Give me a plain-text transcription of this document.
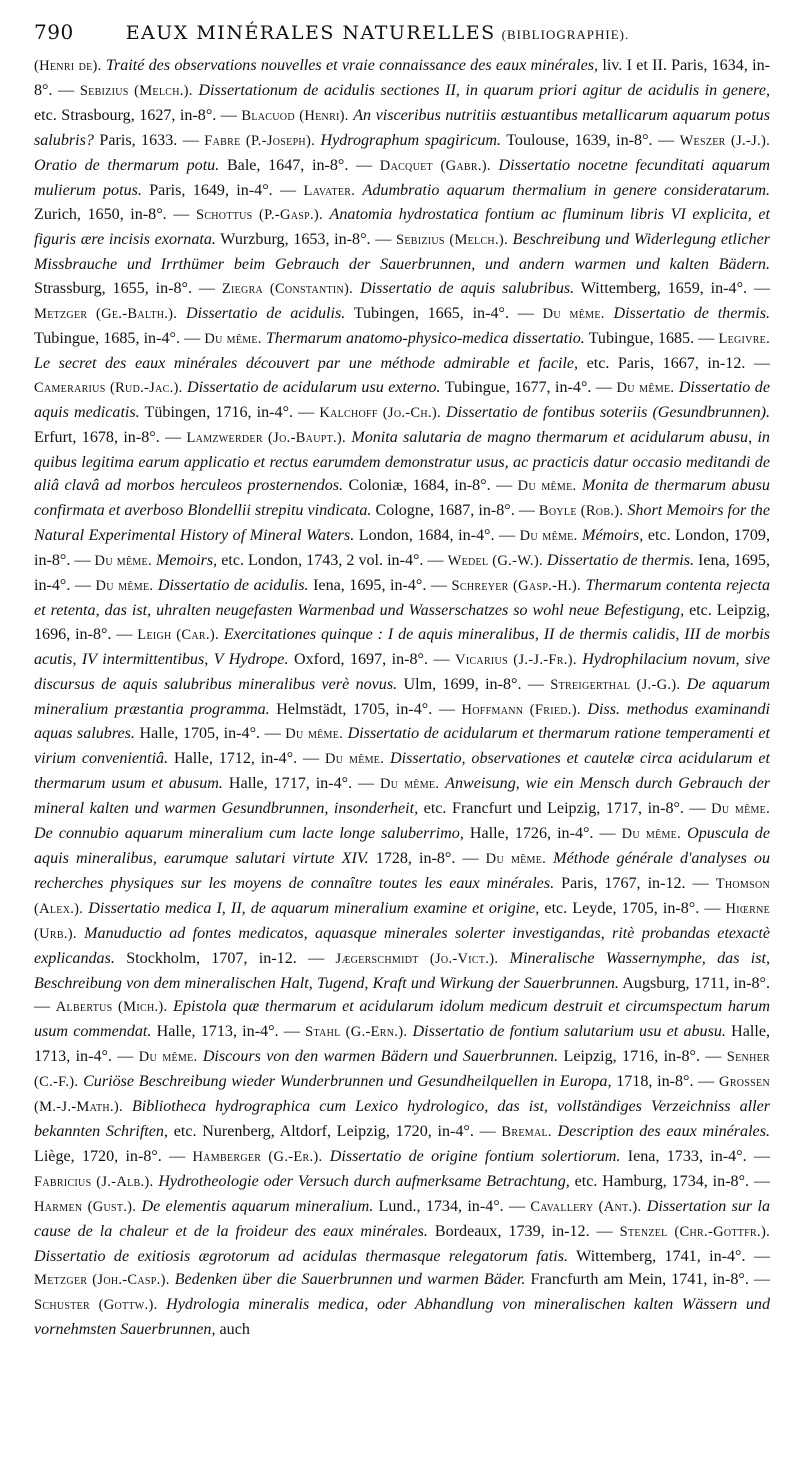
790	EAUX MINÉRALES NATURELLES (BIBLIOGRAPHIE).

(Henri de). Traité des observations nouvelles et vraie connaissance des eaux minérales, liv. I et II. Paris, 1634, in-8°. — Sebizius (Melch.). Dissertationum de acidulis sectiones II, in quarum priori agitur de acidulis in genere, etc. Strasbourg, 1627, in-8°. — Blacuod (Henri). An visceribus nutritiis æstuantibus metallicarum aquarum potus salubris? Paris, 1633. — Fabre (P.-Joseph). Hydrographum spagiricum. Toulouse, 1639, in-8°. — Weszer (J.-J.). Oratio de thermarum potu. Bale, 1647, in-8°. — Dacquet (Gabr.). Dissertatio nocetne fecunditati aquarum mulierum potus. Paris, 1649, in-4°. — Lavater. Adumbratio aquarum thermalium in genere consideratarum. Zurich, 1650, in-8°. — Schottus (P.-Gasp.). Anatomia hydrostatica fontium ac fluminum libris VI explicita, et figuris ære incisis exornata. Wurzburg, 1653, in-8°. — Sebizius (Melch.). Beschreibung und Widerlegung etlicher Missbrauche und Irrthümer beim Gebrauch der Sauerbrunnen, und andern warmen und kalten Bädern. Strassburg, 1655, in-8°. — Ziegra (Constantin). Dissertatio de aquis salubribus. Wittemberg, 1659, in-4°. — Metzger (Ge.-Balth.). Dissertatio de acidulis. Tubingen, 1665, in-4°. — Du même. Dissertatio de thermis. Tubingue, 1685, in-4°. — Du même. Thermarum anatomo-physico-medica dissertatio. Tubingue, 1685. — Legivre. Le secret des eaux minérales découvert par une méthode admirable et facile, etc. Paris, 1667, in-12. — Camerarius (Rud.-Jac.). Dissertatio de acidularum usu externo. Tubingue, 1677, in-4°. — Du même. Dissertatio de aquis medicatis. Tübingen, 1716, in-4°. — Kalchoff (Jo.-Ch.). Dissertatio de fontibus soteriis (Gesundbrunnen). Erfurt, 1678, in-8°. — Lamzwerder (Jo.-Baupt.). Monita salutaria de magno thermarum et acidularum abusu, in quibus legitima earum applicatio et rectus earumdem demonstratur usus, ac practicis datur occasio meditandi de aliâ clavâ ad morbos herculeos prosternendos. Coloniæ, 1684, in-8°. — Du même. Monita de thermarum abusu confirmata et averboso Blondellii strepitu vindicata. Cologne, 1687, in-8°. — Boyle (Rob.). Short Memoirs for the Natural Experimental History of Mineral Waters. London, 1684, in-4°. — Du même. Mémoirs, etc. London, 1709, in-8°. — Du même. Memoirs, etc. London, 1743, 2 vol. in-4°. — Wedel (G.-W.). Dissertatio de thermis. Iena, 1695, in-4°. — Du même. Dissertatio de acidulis. Iena, 1695, in-4°. — Schreyer (Gasp.-H.). Thermarum contenta rejecta et retenta, das ist, uhralten neugefasten Warmenbad und Wasserschatzes so wohl neue Befestigung, etc. Leipzig, 1696, in-8°. — Leigh (Car.). Exercitationes quinque : I de aquis mineralibus, II de thermis calidis, III de morbis acutis, IV intermittentibus, V Hydrope. Oxford, 1697, in-8°. — Vicarius (J.-J.-Fr.). Hydrophilacium novum, sive discursus de aquis salubribus mineralibus verè novus. Ulm, 1699, in-8°. — Streigerthal (J.-G.). De aquarum mineralium præstantia programma. Helmstädt, 1705, in-4°. — Hoffmann (Fried.). Diss. methodus examinandi aquas salubres. Halle, 1705, in-4°. — Du même. Dissertatio de acidularum et thermarum ratione temperamenti et virium convenientiâ. Halle, 1712, in-4°. — Du même. Dissertatio, observationes et cautelæ circa acidularum et thermarum usum et abusum. Halle, 1717, in-4°. — Du même. Anweisung, wie ein Mensch durch Gebrauch der mineral kalten und warmen Gesundbrunnen, insonderheit, etc. Francfurt und Leipzig, 1717, in-8°. — Du même. De connubio aquarum mineralium cum lacte longe saluberrimo, Halle, 1726, in-4°. — Du même. Opuscula de aquis mineralibus, earumque salutari virtute XIV. 1728, in-8°. — Du même. Méthode générale d'analyses ou recherches physiques sur les moyens de connaître toutes les eaux minérales. Paris, 1767, in-12. — Thomson (Alex.). Dissertatio medica I, II, de aquarum mineralium examine et origine, etc. Leyde, 1705, in-8°. — Hiœrne (Urb.). Manuductio ad fontes medicatos, aquasque minerales solerter investigandas, ritè probandas etexactè explicandas. Stockholm, 1707, in-12. — Jægerschmidt (Jo.-Vict.). Mineralische Wassernymphe, das ist, Beschreibung von dem mineralischen Halt, Tugend, Kraft und Wirkung der Sauerbrunnen. Augsburg, 1711, in-8°. — Albertus (Mich.). Epistola quæ thermarum et acidularum idolum medicum destruit et circumspectum harum usum commendat. Halle, 1713, in-4°. — Stahl (G.-Ern.). Dissertatio de fontium salutarium usu et abusu. Halle, 1713, in-4°. — Du même. Discours von den warmen Bädern und Sauerbrunnen. Leipzig, 1716, in-8°. — Senher (C.-F.). Curiöse Beschreibung wieder Wunderbrunnen und Gesundheilquellen in Europa, 1718, in-8°. — Grossen (M.-J.-Math.). Bibliotheca hydrographica cum Lexico hydrologico, das ist, vollständiges Verzeichniss aller bekannten Schriften, etc. Nurenberg, Altdorf, Leipzig, 1720, in-4°. — Bremal. Description des eaux minérales. Liège, 1720, in-8°. — Hamberger (G.-Er.). Dissertatio de origine fontium solertiorum. Iena, 1733, in-4°. — Fabricius (J.-Alb.). Hydrotheologie oder Versuch durch aufmerksame Betrachtung, etc. Hamburg, 1734, in-8°. — Harmen (Gust.). De elementis aquarum mineralium. Lund., 1734, in-4°. — Cavallery (Ant.). Dissertation sur la cause de la chaleur et de la froideur des eaux minérales. Bordeaux, 1739, in-12. — Stenzel (Chr.-Gottfr.). Dissertatio de exitiosis ægrotorum ad acidulas thermasque relegatorum fatis. Wittemberg, 1741, in-4°. — Metzger (Joh.-Casp.). Bedenken über die Sauerbrunnen und warmen Bäder. Francfurth am Mein, 1741, in-8°. — Schuster (Gottw.). Hydrologia mineralis medica, oder Abhandlung von mineralischen kalten Wässern und vornehmsten Sauerbrunnen, auch
